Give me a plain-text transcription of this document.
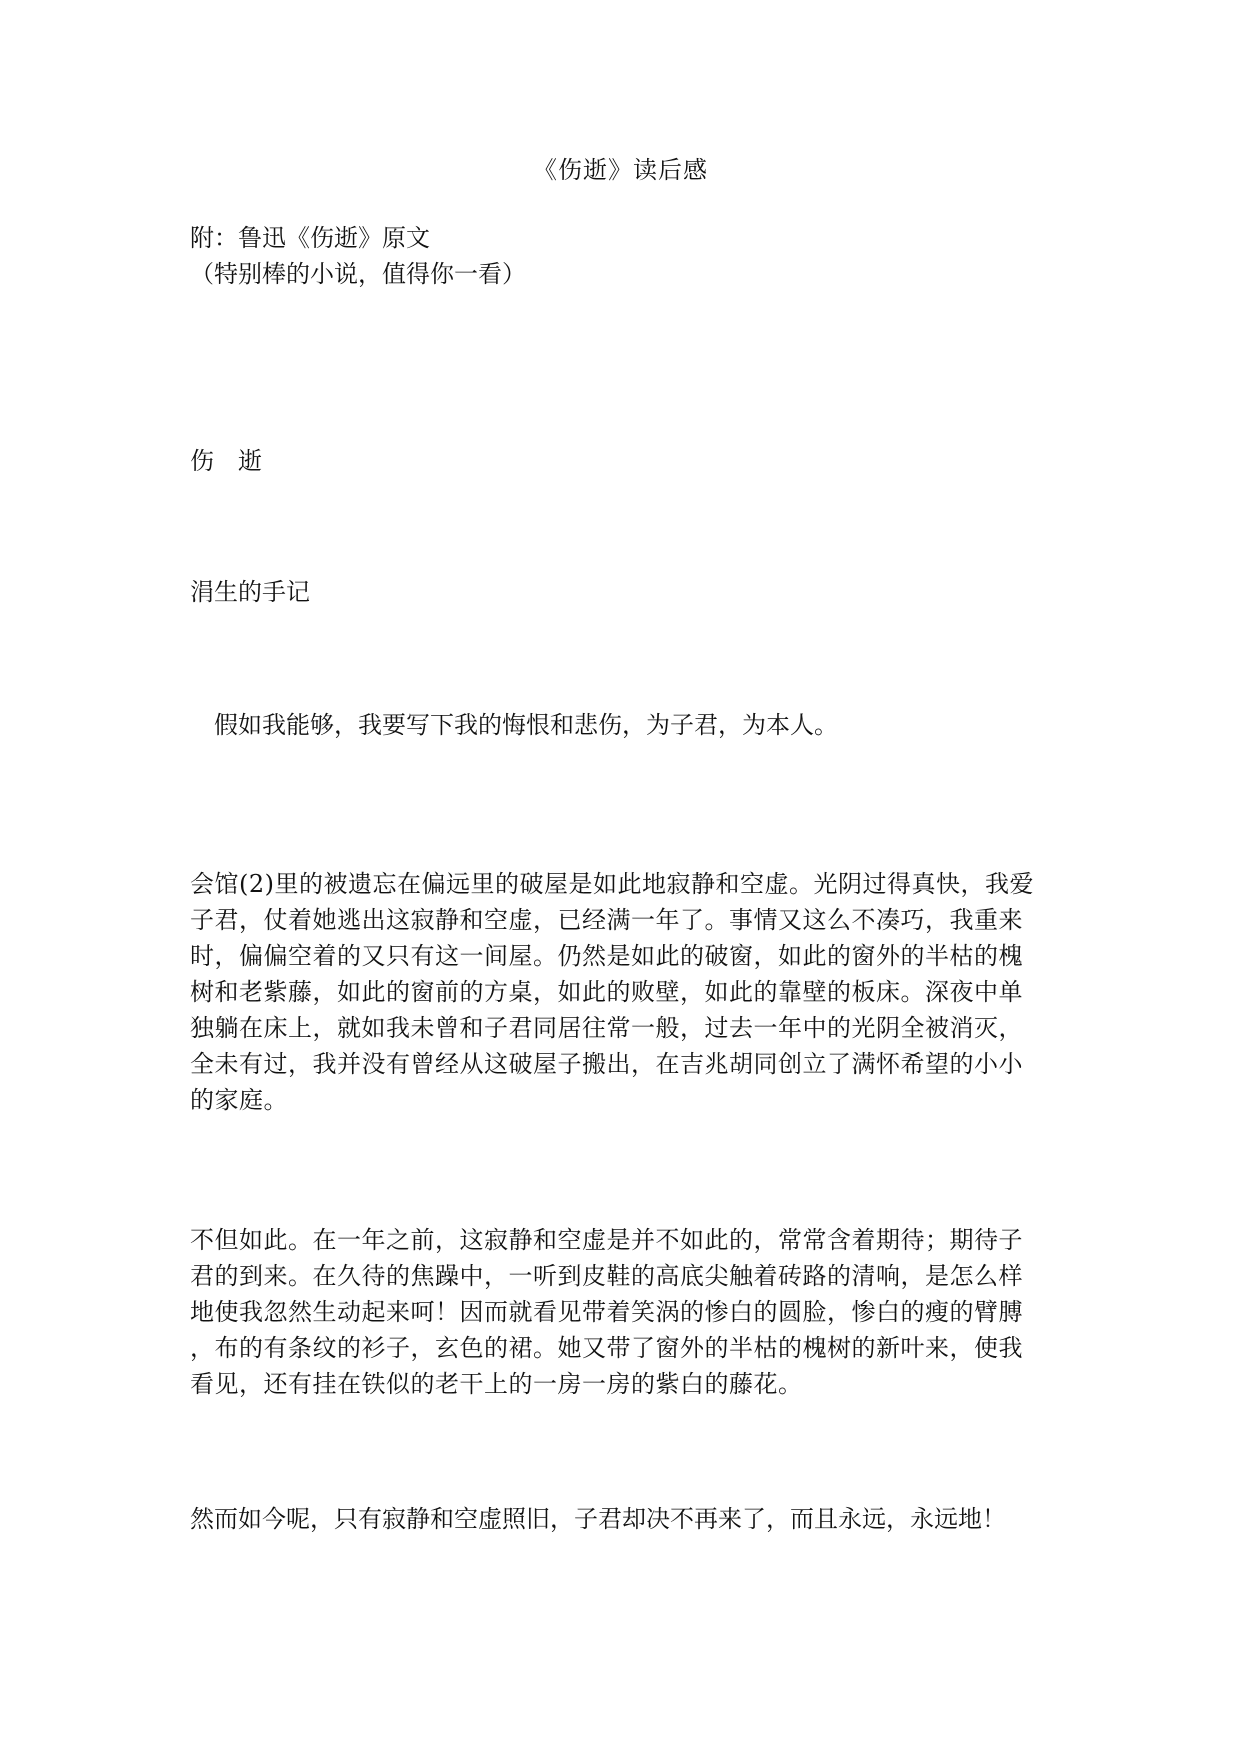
《伤逝》读后感
附：鲁迅《伤逝》原文
（特别棒的小说，值得你一看）
伤　逝
涓生的手记
　假如我能够，我要写下我的悔恨和悲伤，为子君，为本人。
会馆(2)里的被遗忘在偏远里的破屋是如此地寂静和空虚。光阴过得真快，我爱
子君，仗着她逃出这寂静和空虚，已经满一年了。事情又这么不凑巧，我重来
时，偏偏空着的又只有这一间屋。仍然是如此的破窗，如此的窗外的半枯的槐
树和老紫藤，如此的窗前的方桌，如此的败壁，如此的靠壁的板床。深夜中单
独躺在床上，就如我未曾和子君同居往常一般，过去一年中的光阴全被消灭，
全未有过，我并没有曾经从这破屋子搬出，在吉兆胡同创立了满怀希望的小小
的家庭。
不但如此。在一年之前，这寂静和空虚是并不如此的，常常含着期待；期待子
君的到来。在久待的焦躁中，一听到皮鞋的高底尖触着砖路的清响，是怎么样
地使我忽然生动起来呵！因而就看见带着笑涡的惨白的圆脸，惨白的瘦的臂膊
，布的有条纹的衫子，玄色的裙。她又带了窗外的半枯的槐树的新叶来，使我
看见，还有挂在铁似的老干上的一房一房的紫白的藤花。
然而如今呢，只有寂静和空虚照旧，子君却决不再来了，而且永远，永远地！
